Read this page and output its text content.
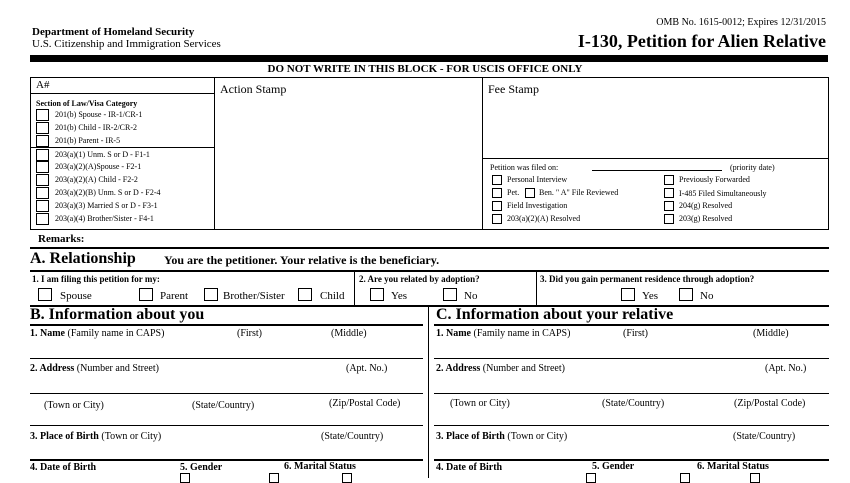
Department of Homeland Security
U.S. Citizenship and Immigration Services
OMB No. 1615-0012; Expires 12/31/2015
I-130, Petition for Alien Relative
DO NOT WRITE IN THIS BLOCK - FOR USCIS OFFICE ONLY
A#
Section of Law/Visa Category
201(b) Spouse - IR-1/CR-1
201(b) Child - IR-2/CR-2
201(b) Parent - IR-5
203(a)(1) Unm. S or D - F1-1
203(a)(2)(A)Spouse - F2-1
203(a)(2)(A) Child - F2-2
203(a)(2)(B) Unm. S or D - F2-4
203(a)(3) Married S or D - F3-1
203(a)(4) Brother/Sister - F4-1
Action Stamp	Fee Stamp
Petition was filed on:	(priority date)
Personal Interview
Pet. Ben. " A" File Reviewed
Field Investigation
203(a)(2)(A) Resolved
Previously Forwarded
I-485 Filed Simultaneously
204(g) Resolved
203(g) Resolved
Remarks:
A. Relationship You are the petitioner. Your relative is the beneficiary.
1. I am filing this petition for my:	2. Are you related by adoption?	3. Did you gain permanent residence through adoption?
Spouse	Parent	Brother/Sister	Child	Yes	No	Yes	No
B. Information about you
1. Name (Family name in CAPS)	(First)	(Middle)
2. Address (Number and Street)	(Apt. No.)
(Town or City)	(State/Country)	(Zip/Postal Code)
3. Place of Birth (Town or City)	(State/Country)
4. Date of Birth	5. Gender	6. Marital Status
C. Information about your relative
1. Name (Family name in CAPS)	(First)	(Middle)
2. Address (Number and Street)	(Apt. No.)
(Town or City)	(State/Country)	(Zip/Postal Code)
3. Place of Birth (Town or City)	(State/Country)
4. Date of Birth	5. Gender	6. Marital Status
